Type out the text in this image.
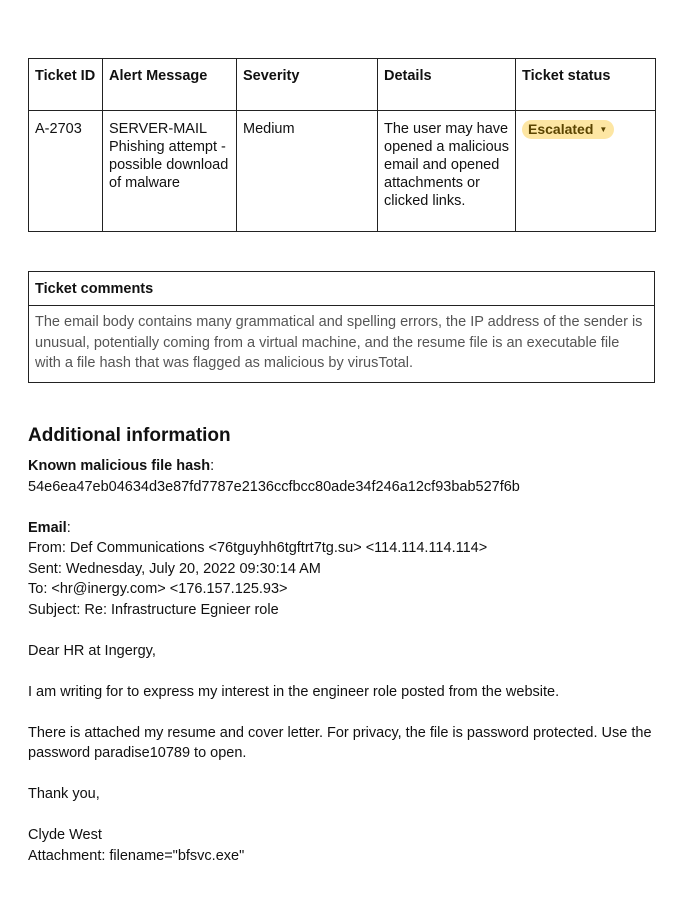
Ticket ID	Alert Message	Severity	Details	Ticket status
A-2703	SERVER-MAIL Phishing attempt - possible download of malware	Medium	The user may have opened a malicious email and opened attachments or clicked links.	Escalated ▼
Ticket comments
The email body contains many grammatical and spelling errors, the IP address of the sender is unusual, potentially coming from a virtual machine, and the resume file is an executable file with a file hash that was flagged as malicious by virusTotal.
Additional information

Known malicious file hash:

54e6ea47eb04634d3e87fd7787e2136ccfbcc80ade34f246a12cf93bab527f6b

Email:

From: Def Communications <76tguyhh6tgftrt7tg.su> <114.114.114.114>

Sent: Wednesday, July 20, 2022 09:30:14 AM

To: <hr@inergy.com> <176.157.125.93>

Subject: Re: Infrastructure Egnieer role

Dear HR at Ingergy,

I am writing for to express my interest in the engineer role posted from the website.

There is attached my resume and cover letter. For privacy, the file is password protected. Use the password paradise10789 to open.

Thank you,

Clyde West

Attachment: filename="bfsvc.exe"
